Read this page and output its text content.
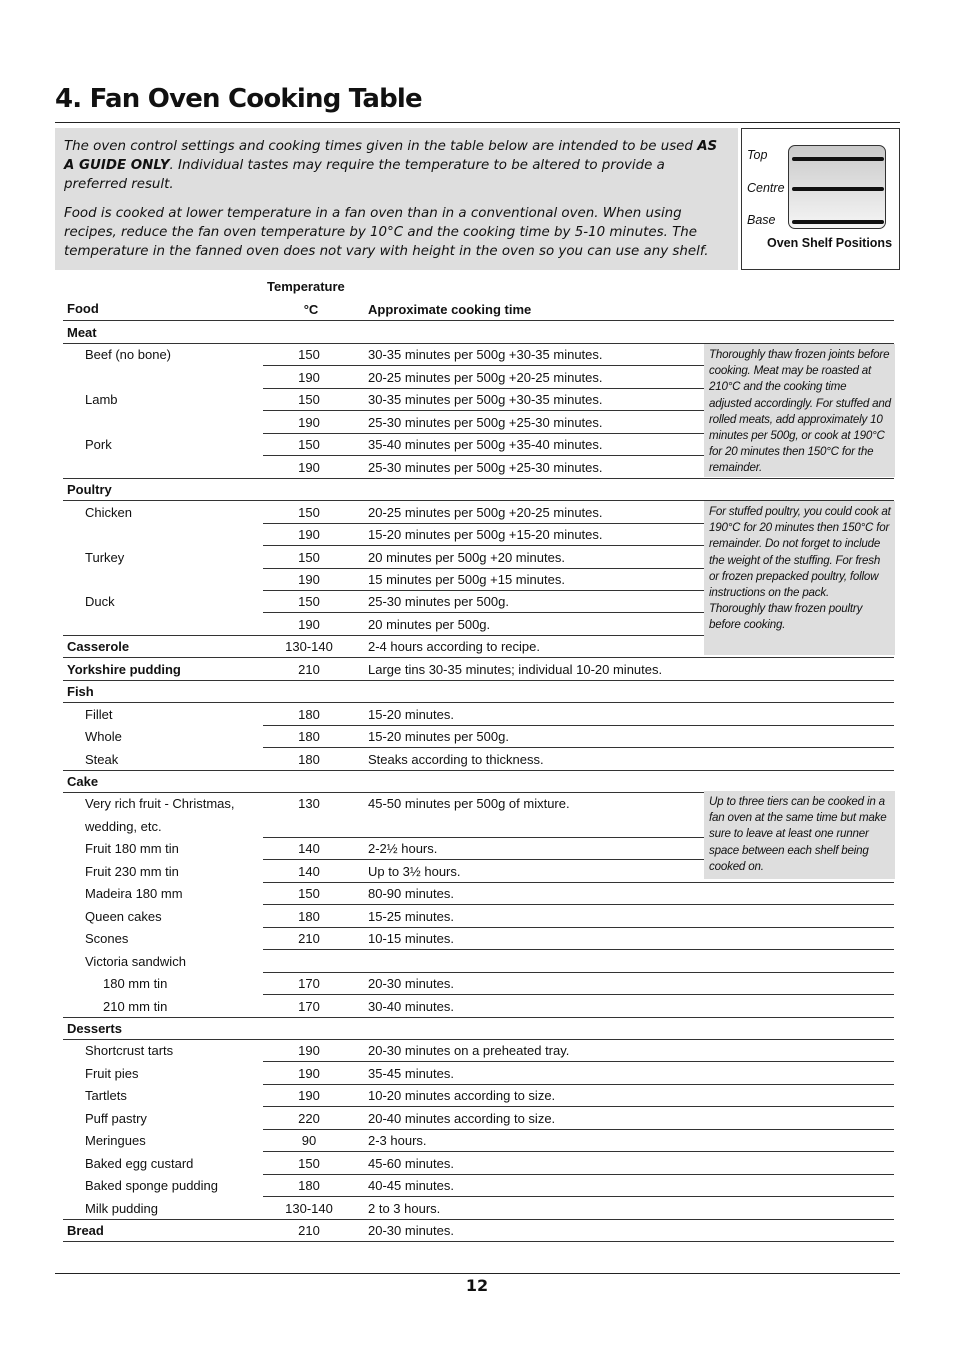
4. Fan Oven Cooking Table

The oven control settings and cooking times given in the table below are intended to be used AS A GUIDE ONLY. Individual tastes may require the temperature to be altered to provide a preferred result.

Food is cooked at lower temperature in a fan oven than in a conventional oven. When using recipes, reduce the fan oven temperature by 10°C and the cooking time by 5-10 minutes. The temperature in the fanned oven does not vary with height in the oven so you can use any shelf.

Top
Centre
Base
Oven Shelf Positions
Temperature
°C
Food	Approximate cooking time
Meat
Beef (no bone)	150	30-35 minutes per 500g +30-35 minutes.
190	20-25 minutes per 500g +20-25 minutes.
Lamb	150	30-35 minutes per 500g +30-35 minutes.
190	25-30 minutes per 500g +25-30 minutes.
Pork	150	35-40 minutes per 500g +35-40 minutes.
190	25-30 minutes per 500g +25-30 minutes.
Poultry
Chicken	150	20-25 minutes per 500g +20-25 minutes.
190	15-20 minutes per 500g +15-20 minutes.
Turkey	150	20 minutes per 500g +20 minutes.
190	15 minutes per 500g +15 minutes.
Duck	150	25-30 minutes per 500g.
190	20 minutes per 500g.
Casserole	130-140	2-4 hours according to recipe.
Yorkshire pudding	210	Large tins 30-35 minutes; individual 10-20 minutes.
Fish
Fillet	180	15-20 minutes.
Whole	180	15-20 minutes per 500g.
Steak	180	Steaks according to thickness.
Cake
Very rich fruit - Christmas,	130	45-50 minutes per 500g of mixture.
wedding, etc.
Fruit 180 mm tin	140	2-2½ hours.
Fruit 230 mm tin	140	Up to 3½ hours.
Madeira 180 mm	150	80-90 minutes.
Queen cakes	180	15-25 minutes.
Scones	210	10-15 minutes.
Victoria sandwich
180 mm tin	170	20-30 minutes.
210 mm tin	170	30-40 minutes.
Desserts
Shortcrust tarts	190	20-30 minutes on a preheated tray.
Fruit pies	190	35-45 minutes.
Tartlets	190	10-20 minutes according to size.
Puff pastry	220	20-40 minutes according to size.
Meringues	90	2-3 hours.
Baked egg custard	150	45-60 minutes.
Baked sponge pudding	180	40-45 minutes.
Milk pudding	130-140	2 to 3 hours.
Bread	210	20-30 minutes.
Thoroughly thaw frozen joints before cooking. Meat may be roasted at 210°C and the cooking time adjusted accordingly. For stuffed and rolled meats, add approximately 10 minutes per 500g, or cook at 190°C for 20 minutes then 150°C for the remainder.
For stuffed poultry, you could cook at 190°C for 20 minutes then 150°C for remainder. Do not forget to include the weight of the stuffing. For fresh or frozen prepacked poultry, follow instructions on the pack.
Thoroughly thaw frozen poultry before cooking.
Up to three tiers can be cooked in a fan oven at the same time but make sure to leave at least one runner space between each shelf being cooked on.
12
